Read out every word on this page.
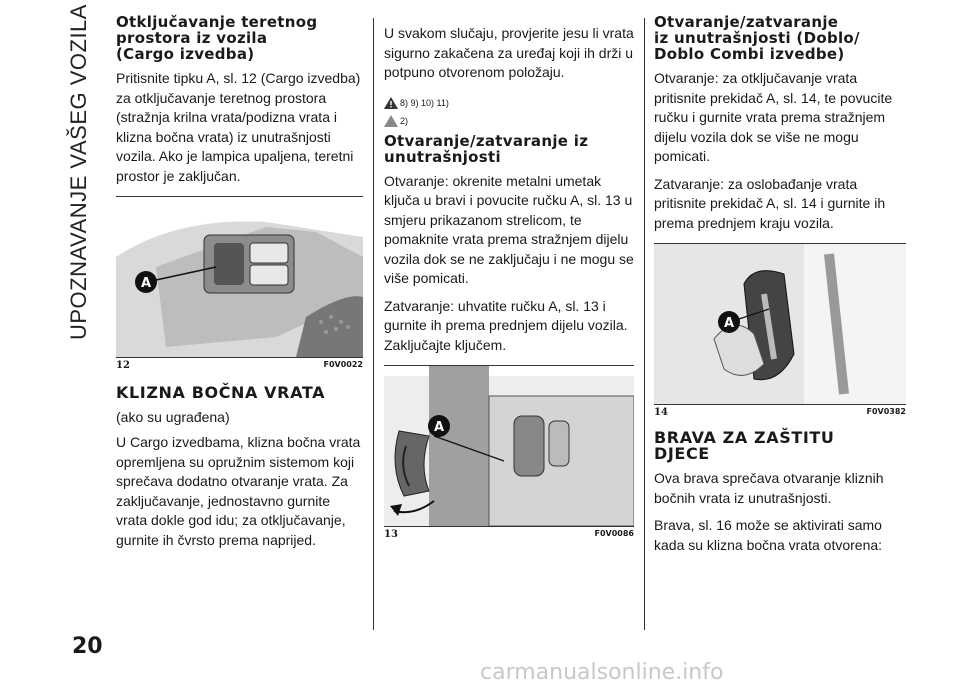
UPOZNAVANJE VAŠEG VOZILA
20
Otključavanje teretnog
prostora iz vozila
(Cargo izvedba)

Pritisnite tipku A, sl. 12 (Cargo izvedba) za otključavanje teretnog prostora (stražnja krilna vrata/podizna vrata i klizna bočna vrata) iz unutrašnjosti vozila. Ako je lampica upaljena, teretni prostor je zaključan.

A
12	F0V0022
KLIZNA BOČNA VRATA
(ako su ugrađena)

U Cargo izvedbama, klizna bočna vrata opremljena su opružnim sistemom koji sprečava dodatno otvaranje vrata. Za zaključavanje, jednostavno gurnite vrata dokle god idu; za otključavanje, gurnite ih čvrsto prema naprijed.

U svakom slučaju, provjerite jesu li vrata sigurno zakačena za uređaj koji ih drži u potpuno otvorenom položaju.

8) 9) 10) 11)
2)
Otvaranje/zatvaranje iz
unutrašnjosti

Otvaranje: okrenite metalni umetak ključa u bravi i povucite ručku A, sl. 13 u smjeru prikazanom strelicom, te pomaknite vrata prema stražnjem dijelu vozila dok se ne zaključaju i ne mogu se više pomicati.

Zatvaranje: uhvatite ručku A, sl. 13 i gurnite ih prema prednjem dijelu vozila. Zaključajte ključem.

A
13	F0V0086
Otvaranje/zatvaranje
iz unutrašnjosti (Doblo/
Doblo Combi izvedbe)

Otvaranje: za otključavanje vrata pritisnite prekidač A, sl. 14, te povucite ručku i gurnite vrata prema stražnjem dijelu vozila dok se više ne mogu pomicati.

Zatvaranje: za oslobađanje vrata pritisnite prekidač A, sl. 14 i gurnite ih prema prednjem kraju vozila.

A
14	F0V0382
BRAVA ZA ZAŠTITU
DJECE

Ova brava sprečava otvaranje kliznih bočnih vrata iz unutrašnjosti.

Brava, sl. 16 može se aktivirati samo kada su klizna bočna vrata otvorena:

carmanualsonline.info
